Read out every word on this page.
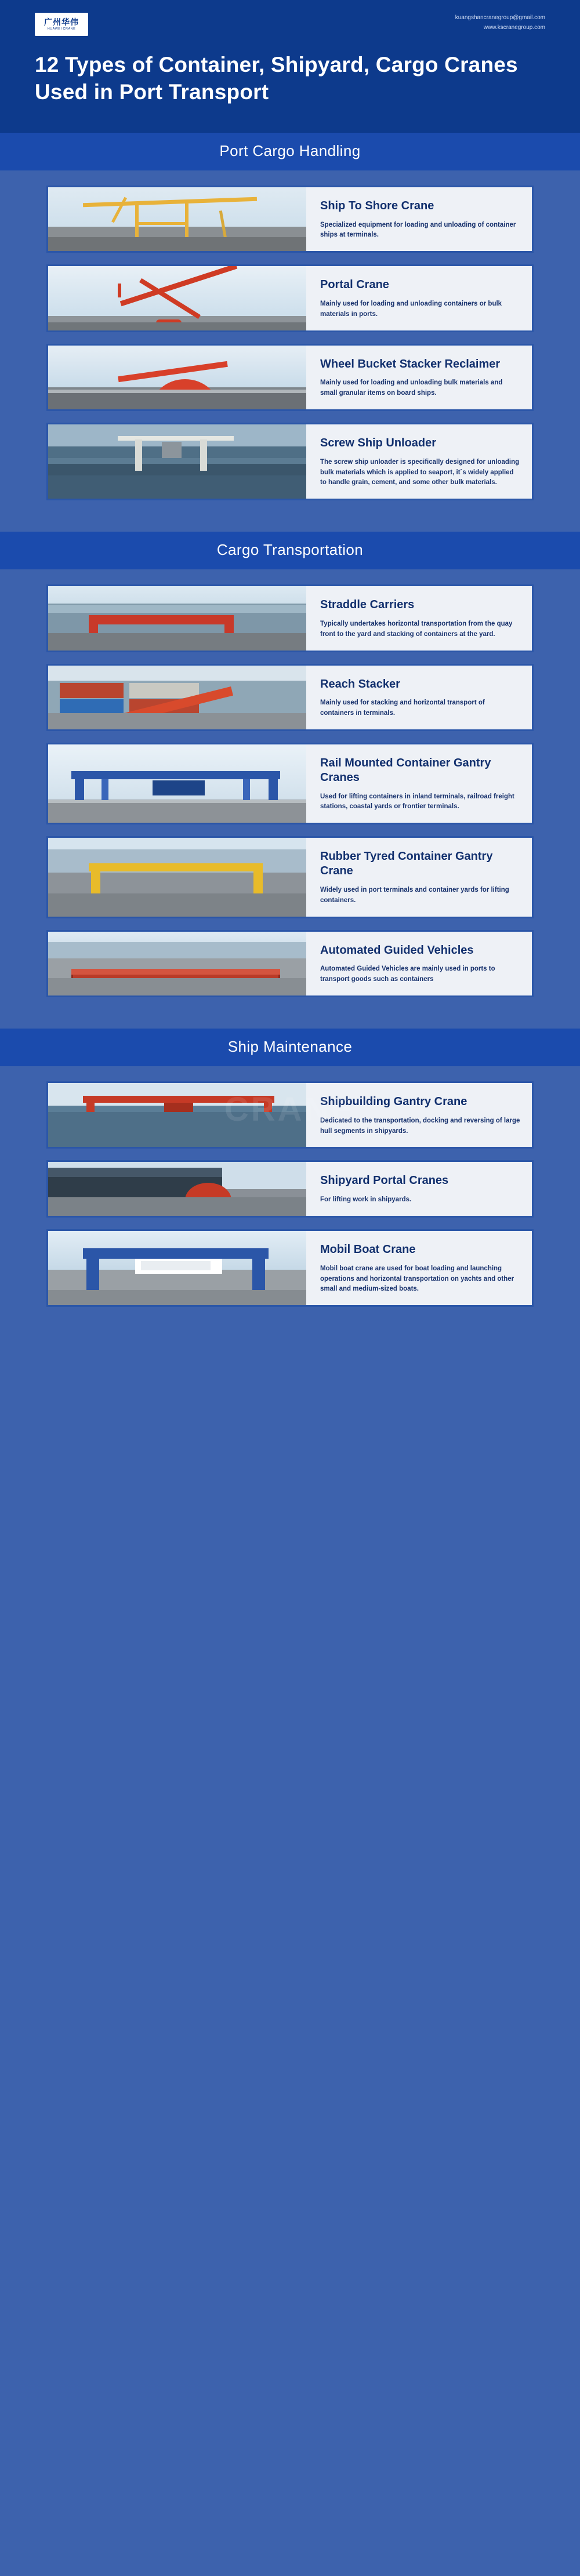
广州华伟
HUAWEI CRANE
kuangshancranegroup@gmail.com
www.kscranegroup.com
12 Types of Container, Shipyard, Cargo Cranes Used in Port Transport
Port Cargo Handling
Ship To Shore Crane
Specialized equipment for loading and unloading of container ships at terminals.
Portal Crane
Mainly used for loading and unloading containers or bulk materials in ports.
Wheel Bucket Stacker Reclaimer
Mainly used for loading and unloading bulk materials and small granular items on board ships.
Screw Ship Unloader
The screw ship unloader is specifically designed for unloading bulk materials which is applied to seaport, it`s widely applied to handle grain, cement, and some other bulk materials.
Cargo Transportation
Straddle Carriers
Typically undertakes horizontal transportation from the quay front to the yard and stacking of containers at the yard.
Reach Stacker
Mainly used for stacking and horizontal transport of containers in terminals.
Rail Mounted Container Gantry Cranes
Used for lifting containers in inland terminals, railroad freight stations, coastal yards or frontier terminals.
Rubber Tyred Container Gantry Crane
Widely used in port terminals and container yards for lifting containers.
Automated Guided Vehicles
Automated Guided Vehicles are mainly used in ports to transport goods such as containers
Ship Maintenance
Shipbuilding Gantry Crane
Dedicated to the transportation, docking and reversing of large hull segments in shipyards.
Shipyard Portal Cranes
For lifting work in shipyards.
Mobil Boat Crane
Mobil boat crane are used for boat loading and launching operations and horizontal transportation on yachts and other small and medium-sized boats.
